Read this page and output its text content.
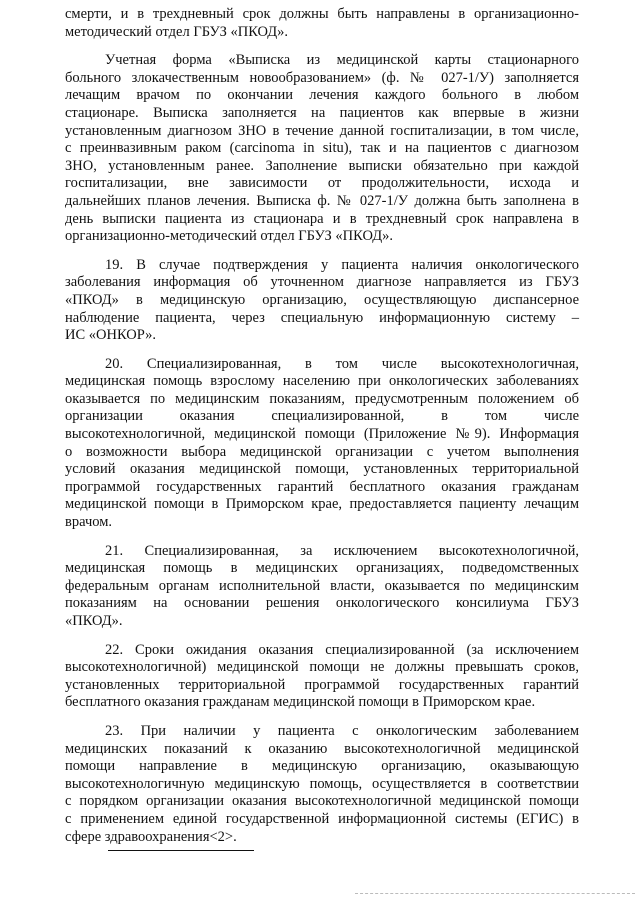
смерти, и в трехдневный срок должны быть направлены в организационно-
методический отдел ГБУЗ «ПКОД».
Учетная форма «Выписка из медицинской карты стационарного
больного злокачественным новообразованием» (ф. № 027-1/У) заполняется
лечащим врачом по окончании лечения каждого больного в любом
стационаре. Выписка заполняется на пациентов как впервые в жизни
установленным диагнозом ЗНО в течение данной госпитализации, в том числе,
с преинвазивным раком (carcinoma in situ), так и на пациентов с диагнозом
ЗНО, установленным ранее. Заполнение выписки обязательно при каждой
госпитализации, вне зависимости от продолжительности, исхода и
дальнейших планов лечения. Выписка ф. № 027-1/У должна быть заполнена в
день выписки пациента из стационара и в трехдневный срок направлена в
организационно-методический отдел ГБУЗ «ПКОД».
19. В случае подтверждения у пациента наличия онкологического
заболевания информация об уточненном диагнозе направляется из ГБУЗ
«ПКОД» в медицинскую организацию, осуществляющую диспансерное
наблюдение пациента, через специальную информационную систему –
ИС «ОНКОР».
20. Специализированная, в том числе высокотехнологичная,
медицинская помощь взрослому населению при онкологических заболеваниях
оказывается по медицинским показаниям, предусмотренным положением об
организации оказания специализированной, в том числе
высокотехнологичной, медицинской помощи (Приложение №9). Информация
о возможности выбора медицинской организации с учетом выполнения
условий оказания медицинской помощи, установленных территориальной
программой государственных гарантий бесплатного оказания гражданам
медицинской помощи в Приморском крае, предоставляется пациенту лечащим
врачом.
21. Специализированная, за исключением высокотехнологичной,
медицинская помощь в медицинских организациях, подведомственных
федеральным органам исполнительной власти, оказывается по медицинским
показаниям на основании решения онкологического консилиума ГБУЗ
«ПКОД».
22. Сроки ожидания оказания специализированной (за исключением
высокотехнологичной) медицинской помощи не должны превышать сроков,
установленных территориальной программой государственных гарантий
бесплатного оказания гражданам медицинской помощи в Приморском крае.
23. При наличии у пациента с онкологическим заболеванием
медицинских показаний к оказанию высокотехнологичной медицинской
помощи направление в медицинскую организацию, оказывающую
высокотехнологичную медицинскую помощь, осуществляется в соответствии
с порядком организации оказания высокотехнологичной медицинской помощи
с применением единой государственной информационной системы (ЕГИС) в
сфере здравоохранения<2>.
